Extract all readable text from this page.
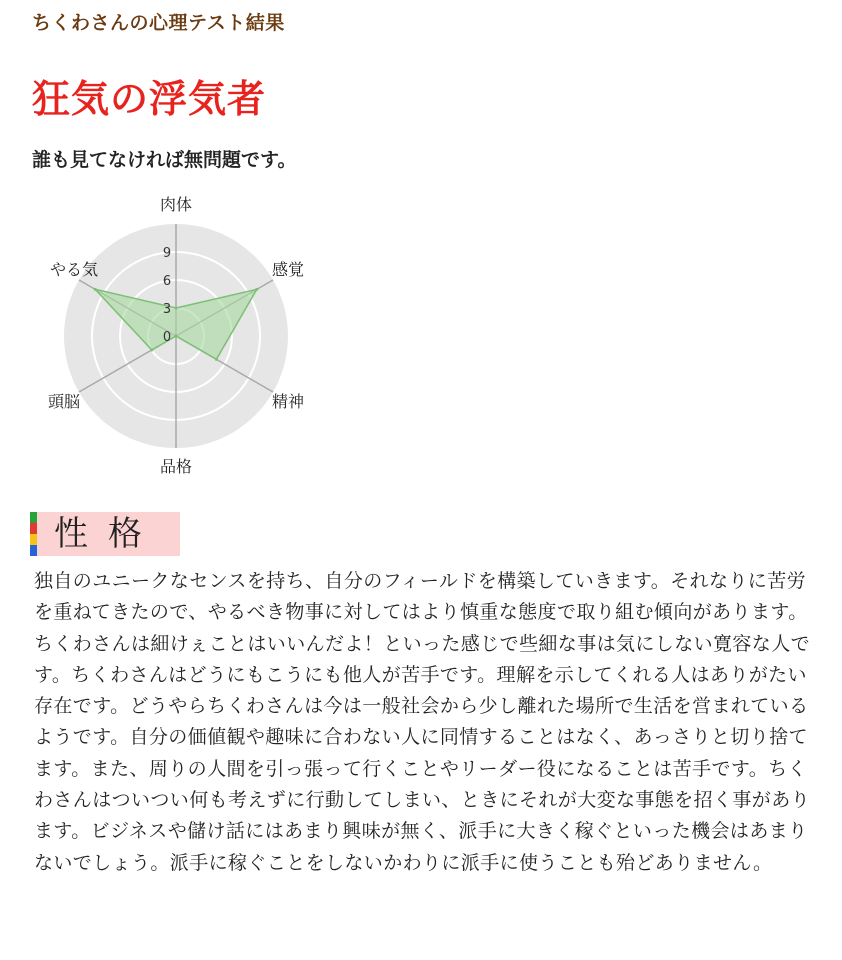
ちくわさんの心理テスト結果
狂気の浮気者
誰も見てなければ無問題です。
0
3
6
9
肉体
感覚
精神
品格
頭脳
やる気
性格
独自のユニークなセンスを持ち、自分のフィールドを構築していきます。それなりに苦労を重ねてきたので、やるべき物事に対してはより慎重な態度で取り組む傾向があります。ちくわさんは細けぇことはいいんだよ！といった感じで些細な事は気にしない寛容な人です。ちくわさんはどうにもこうにも他人が苦手です。理解を示してくれる人はありがたい存在です。どうやらちくわさんは今は一般社会から少し離れた場所で生活を営まれているようです。自分の価値観や趣味に合わない人に同情することはなく、あっさりと切り捨てます。また、周りの人間を引っ張って行くことやリーダー役になることは苦手です。ちくわさんはついつい何も考えずに行動してしまい、ときにそれが大変な事態を招く事があります。ビジネスや儲け話にはあまり興味が無く、派手に大きく稼ぐといった機会はあまりないでしょう。派手に稼ぐことをしないかわりに派手に使うことも殆どありません。
